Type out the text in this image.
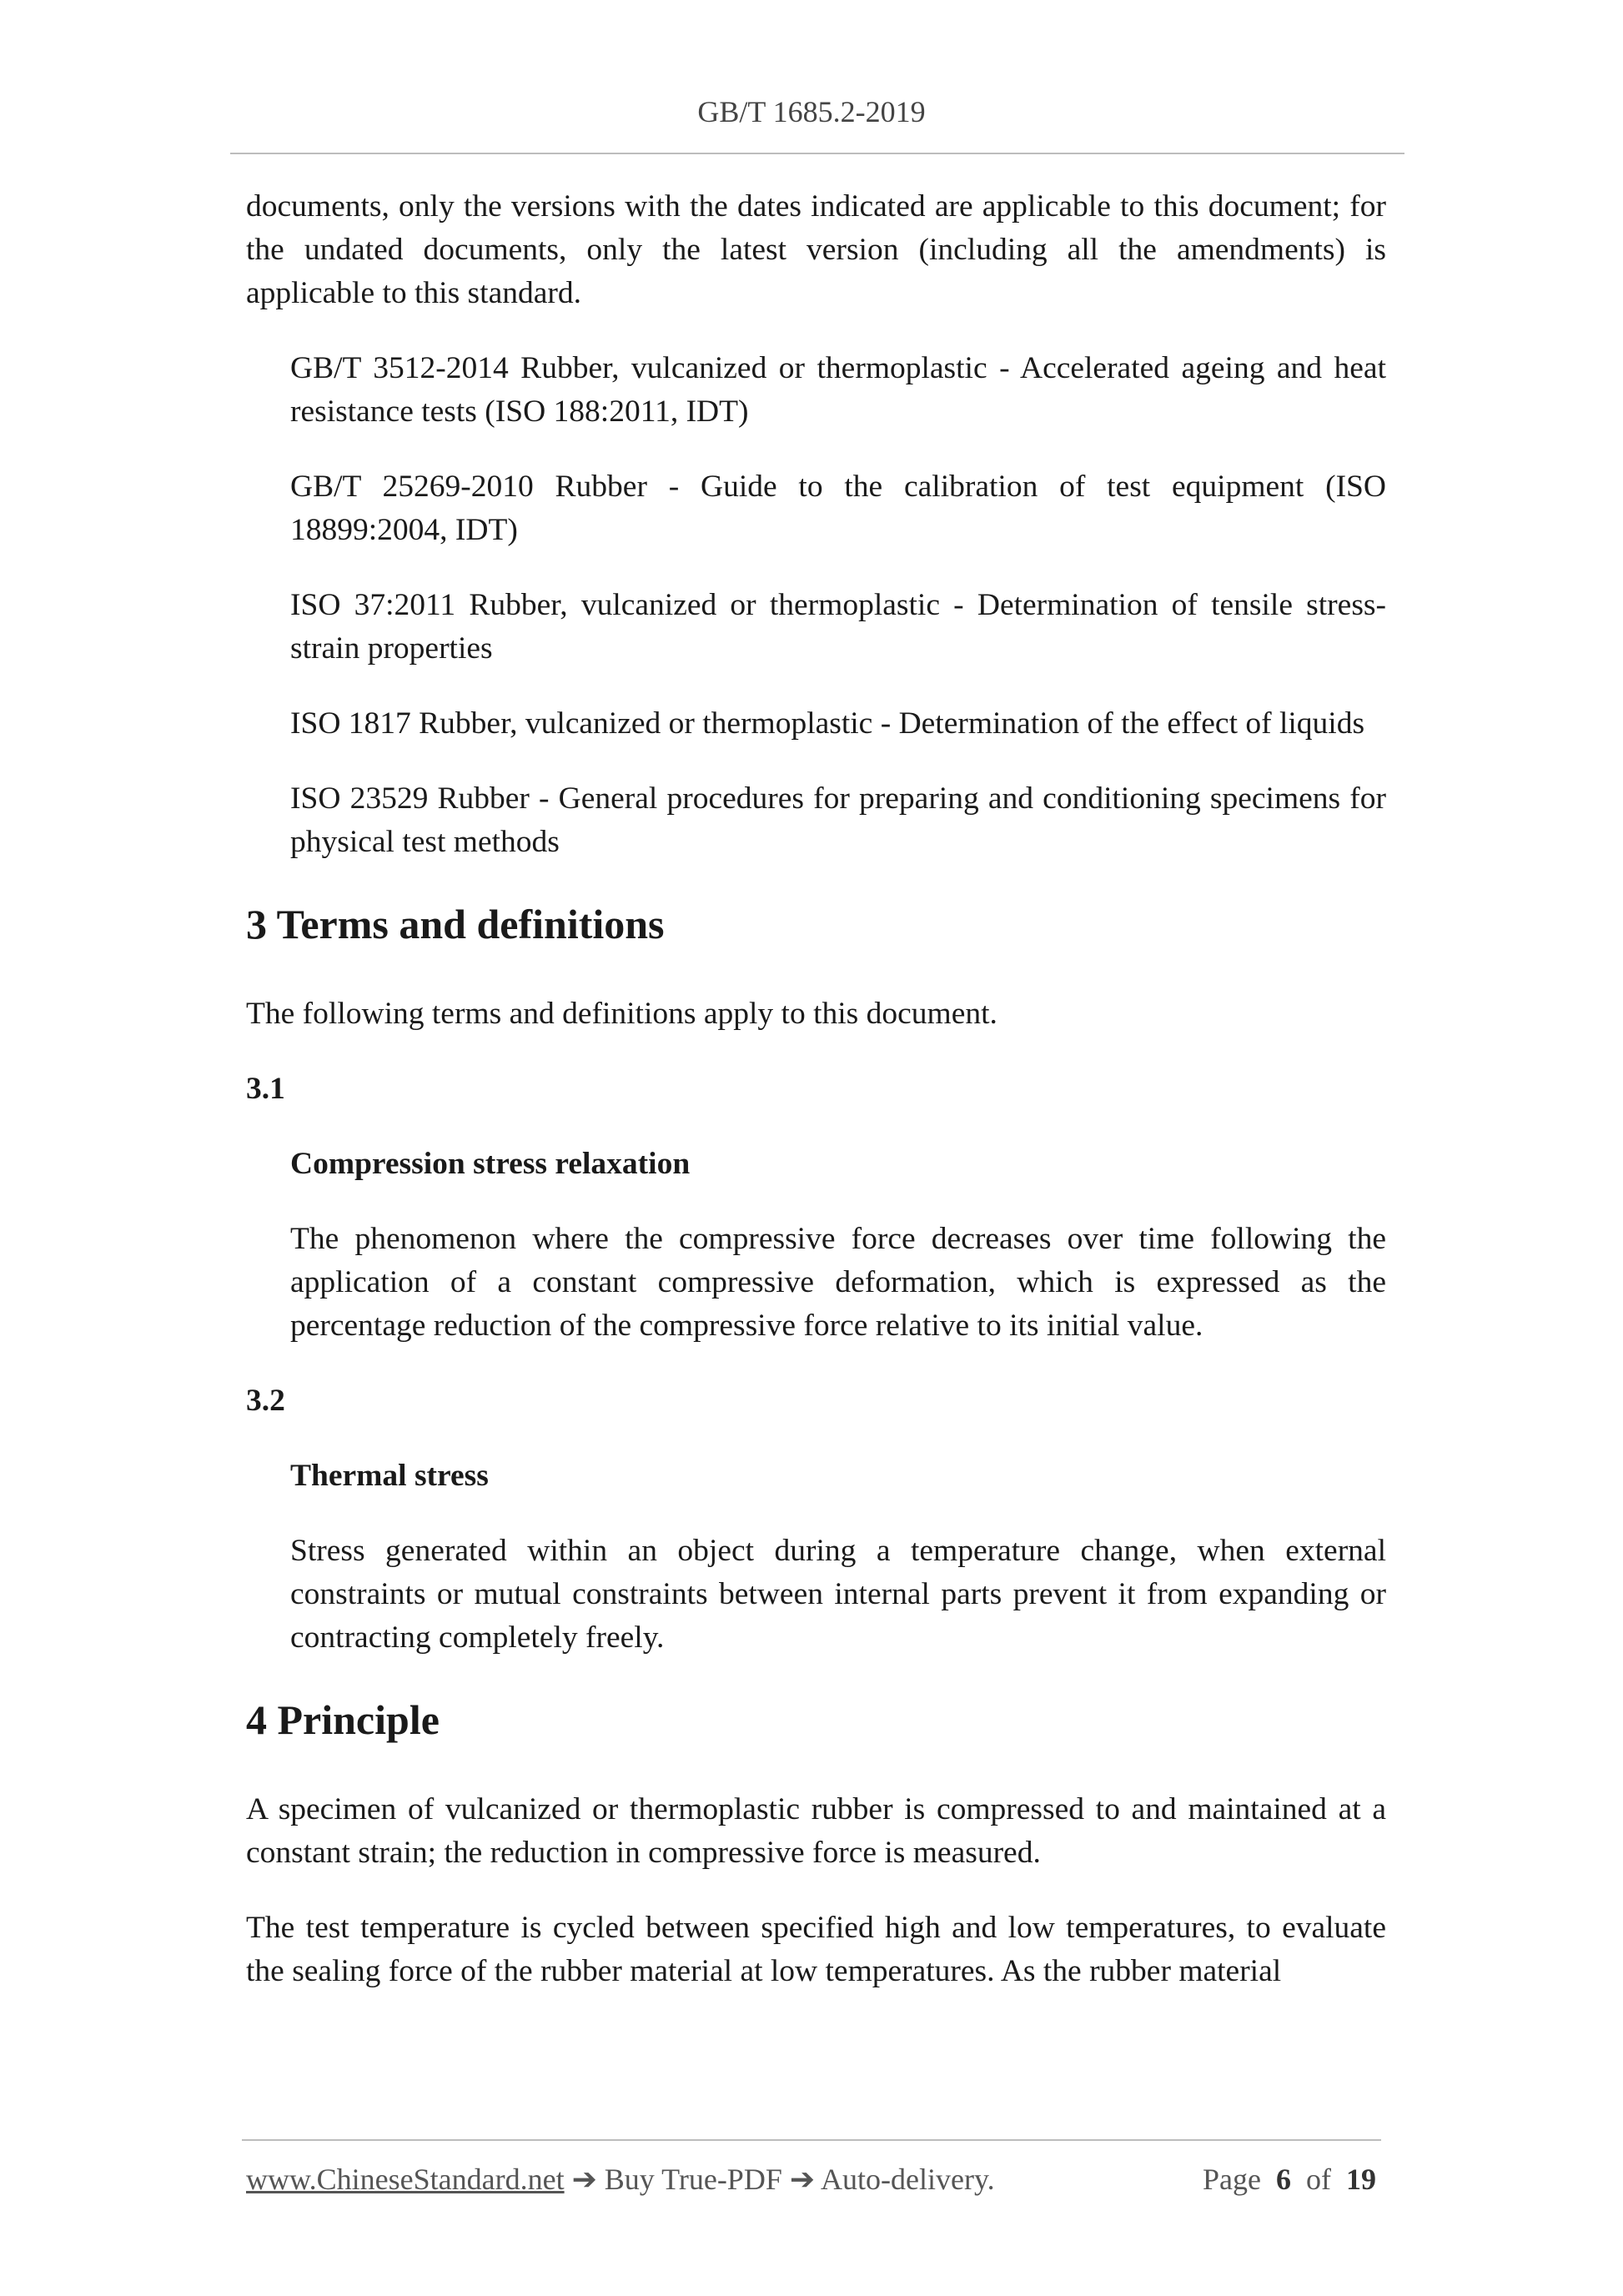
GB/T 1685.2-2019

documents, only the versions with the dates indicated are applicable to this document; for the undated documents, only the latest version (including all the amendments) is applicable to this standard.

GB/T 3512-2014 Rubber, vulcanized or thermoplastic - Accelerated ageing and heat resistance tests (ISO 188:2011, IDT)

GB/T 25269-2010 Rubber - Guide to the calibration of test equipment (ISO 18899:2004, IDT)

ISO 37:2011 Rubber, vulcanized or thermoplastic - Determination of tensile stress-strain properties

ISO 1817 Rubber, vulcanized or thermoplastic - Determination of the effect of liquids

ISO 23529 Rubber - General procedures for preparing and conditioning specimens for physical test methods

3 Terms and definitions

The following terms and definitions apply to this document.

3.1

Compression stress relaxation

The phenomenon where the compressive force decreases over time following the application of a constant compressive deformation, which is expressed as the percentage reduction of the compressive force relative to its initial value.

3.2

Thermal stress

Stress generated within an object during a temperature change, when external constraints or mutual constraints between internal parts prevent it from expanding or contracting completely freely.

4 Principle

A specimen of vulcanized or thermoplastic rubber is compressed to and maintained at a constant strain; the reduction in compressive force is measured.

The test temperature is cycled between specified high and low temperatures, to evaluate the sealing force of the rubber material at low temperatures. As the rubber material

www.ChineseStandard.net ➔ Buy True-PDF ➔ Auto-delivery.	Page 6 of 19
